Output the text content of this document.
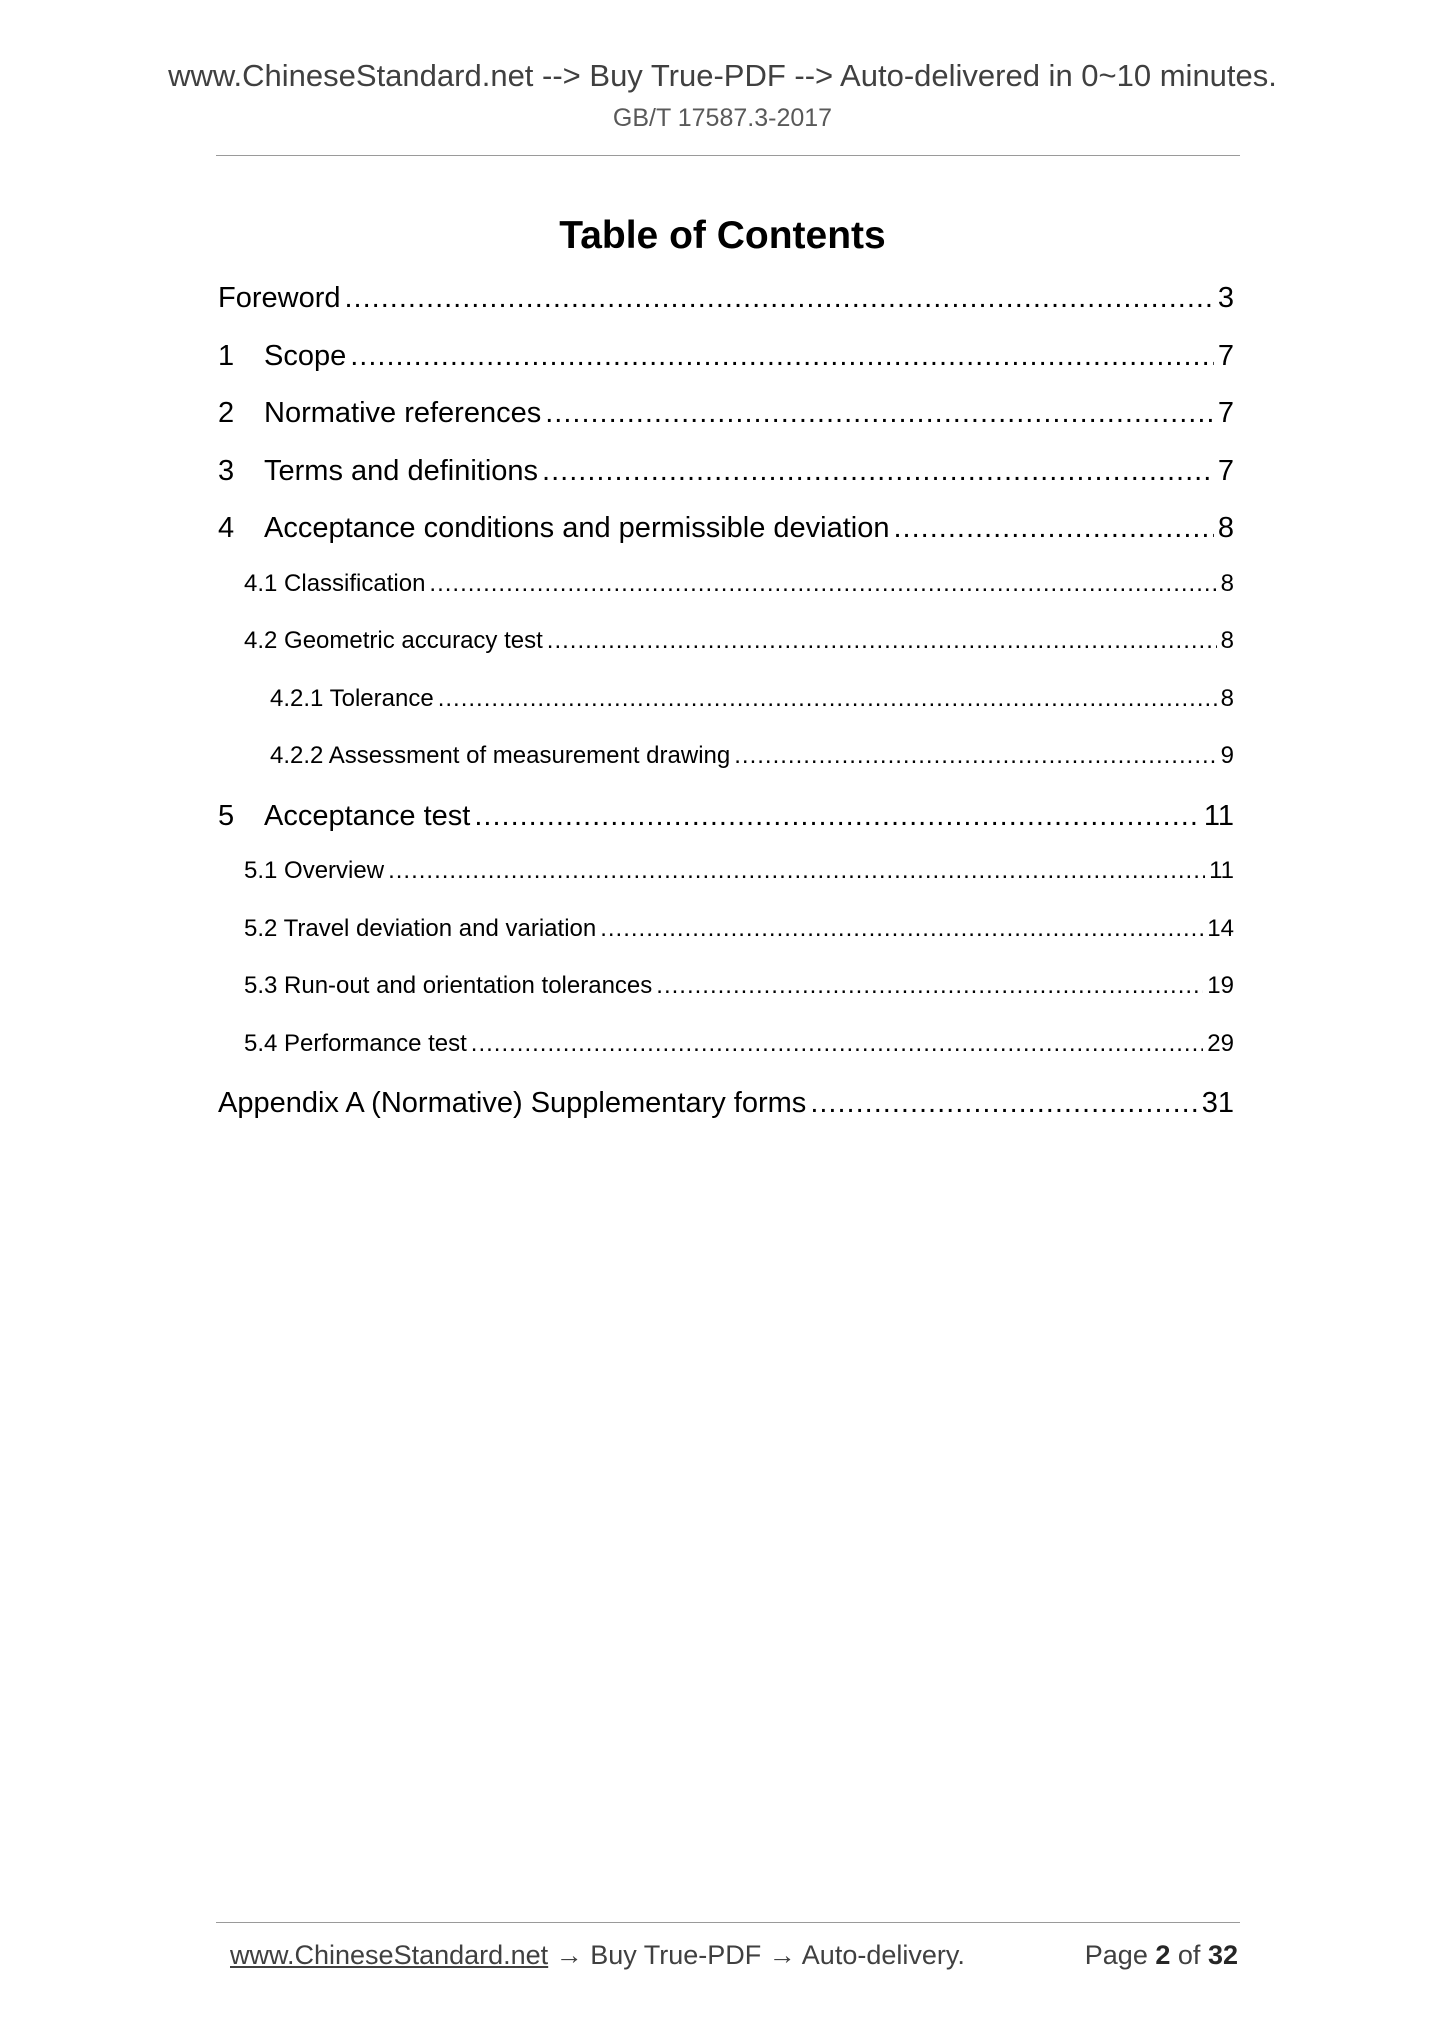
www.ChineseStandard.net --> Buy True-PDF --> Auto-delivered in 0~10 minutes.
GB/T 17587.3-2017
Table of Contents
Foreword .....	3
1	Scope .....	7
2	Normative references .....	7
3	Terms and definitions .....	7
4	Acceptance conditions and permissible deviation .....	8
4.1 Classification .....	8
4.2 Geometric accuracy test .....	8
4.2.1 Tolerance .....	8
4.2.2 Assessment of measurement drawing .....	9
5	Acceptance test .....	11
5.1 Overview .....	11
5.2 Travel deviation and variation .....	14
5.3 Run-out and orientation tolerances .....	19
5.4 Performance test .....	29
Appendix A (Normative) Supplementary forms .....	31
www.ChineseStandard.net → Buy True-PDF → Auto-delivery.	Page 2 of 32
